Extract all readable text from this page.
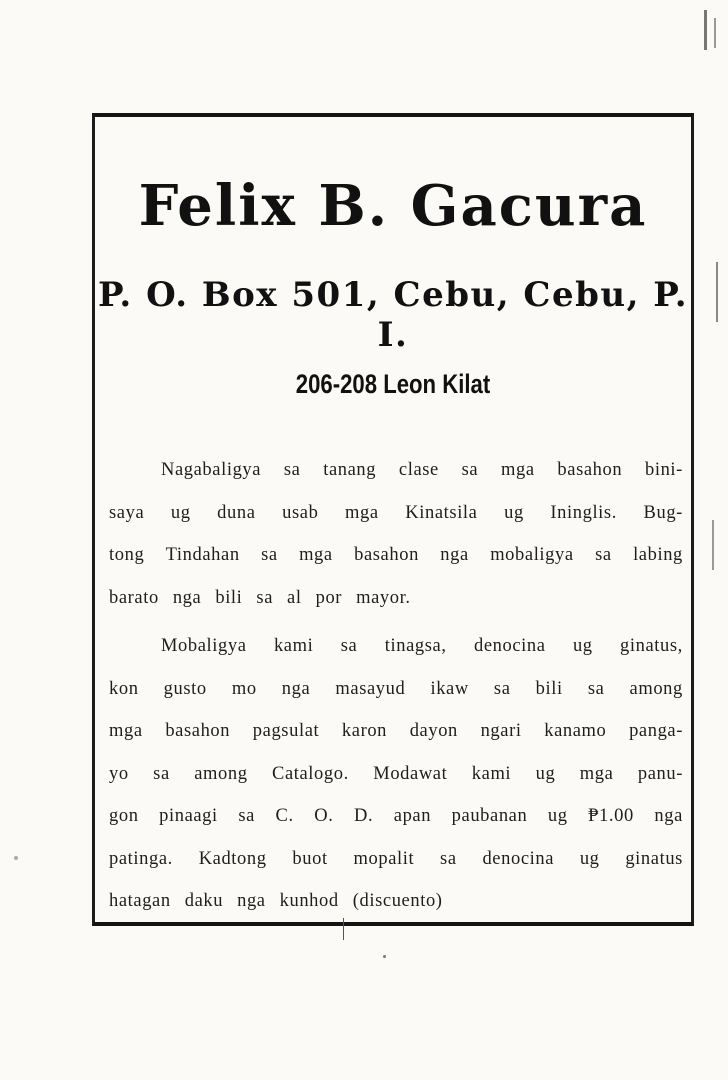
Felix B. Gacura
P. O. Box 501, Cebu, Cebu, P. I.
206-208 Leon Kilat
Nagabaligya sa tanang clase sa mga basahon bini-
saya ug duna usab mga Kinatsila ug Ininglis. Bug-
tong Tindahan sa mga basahon nga mobaligya sa labing
barato nga bili sa al por mayor.
Mobaligya kami sa tinagsa, denocina ug ginatus,
kon gusto mo nga masayud ikaw sa bili sa among
mga basahon pagsulat karon dayon ngari kanamo panga-
yo sa among Catalogo. Modawat kami ug mga panu-
gon pinaagi sa C. O. D. apan paubanan ug ₱1.00 nga
patinga. Kadtong buot mopalit sa denocina ug ginatus
hatagan daku nga kunhod (discuento)
